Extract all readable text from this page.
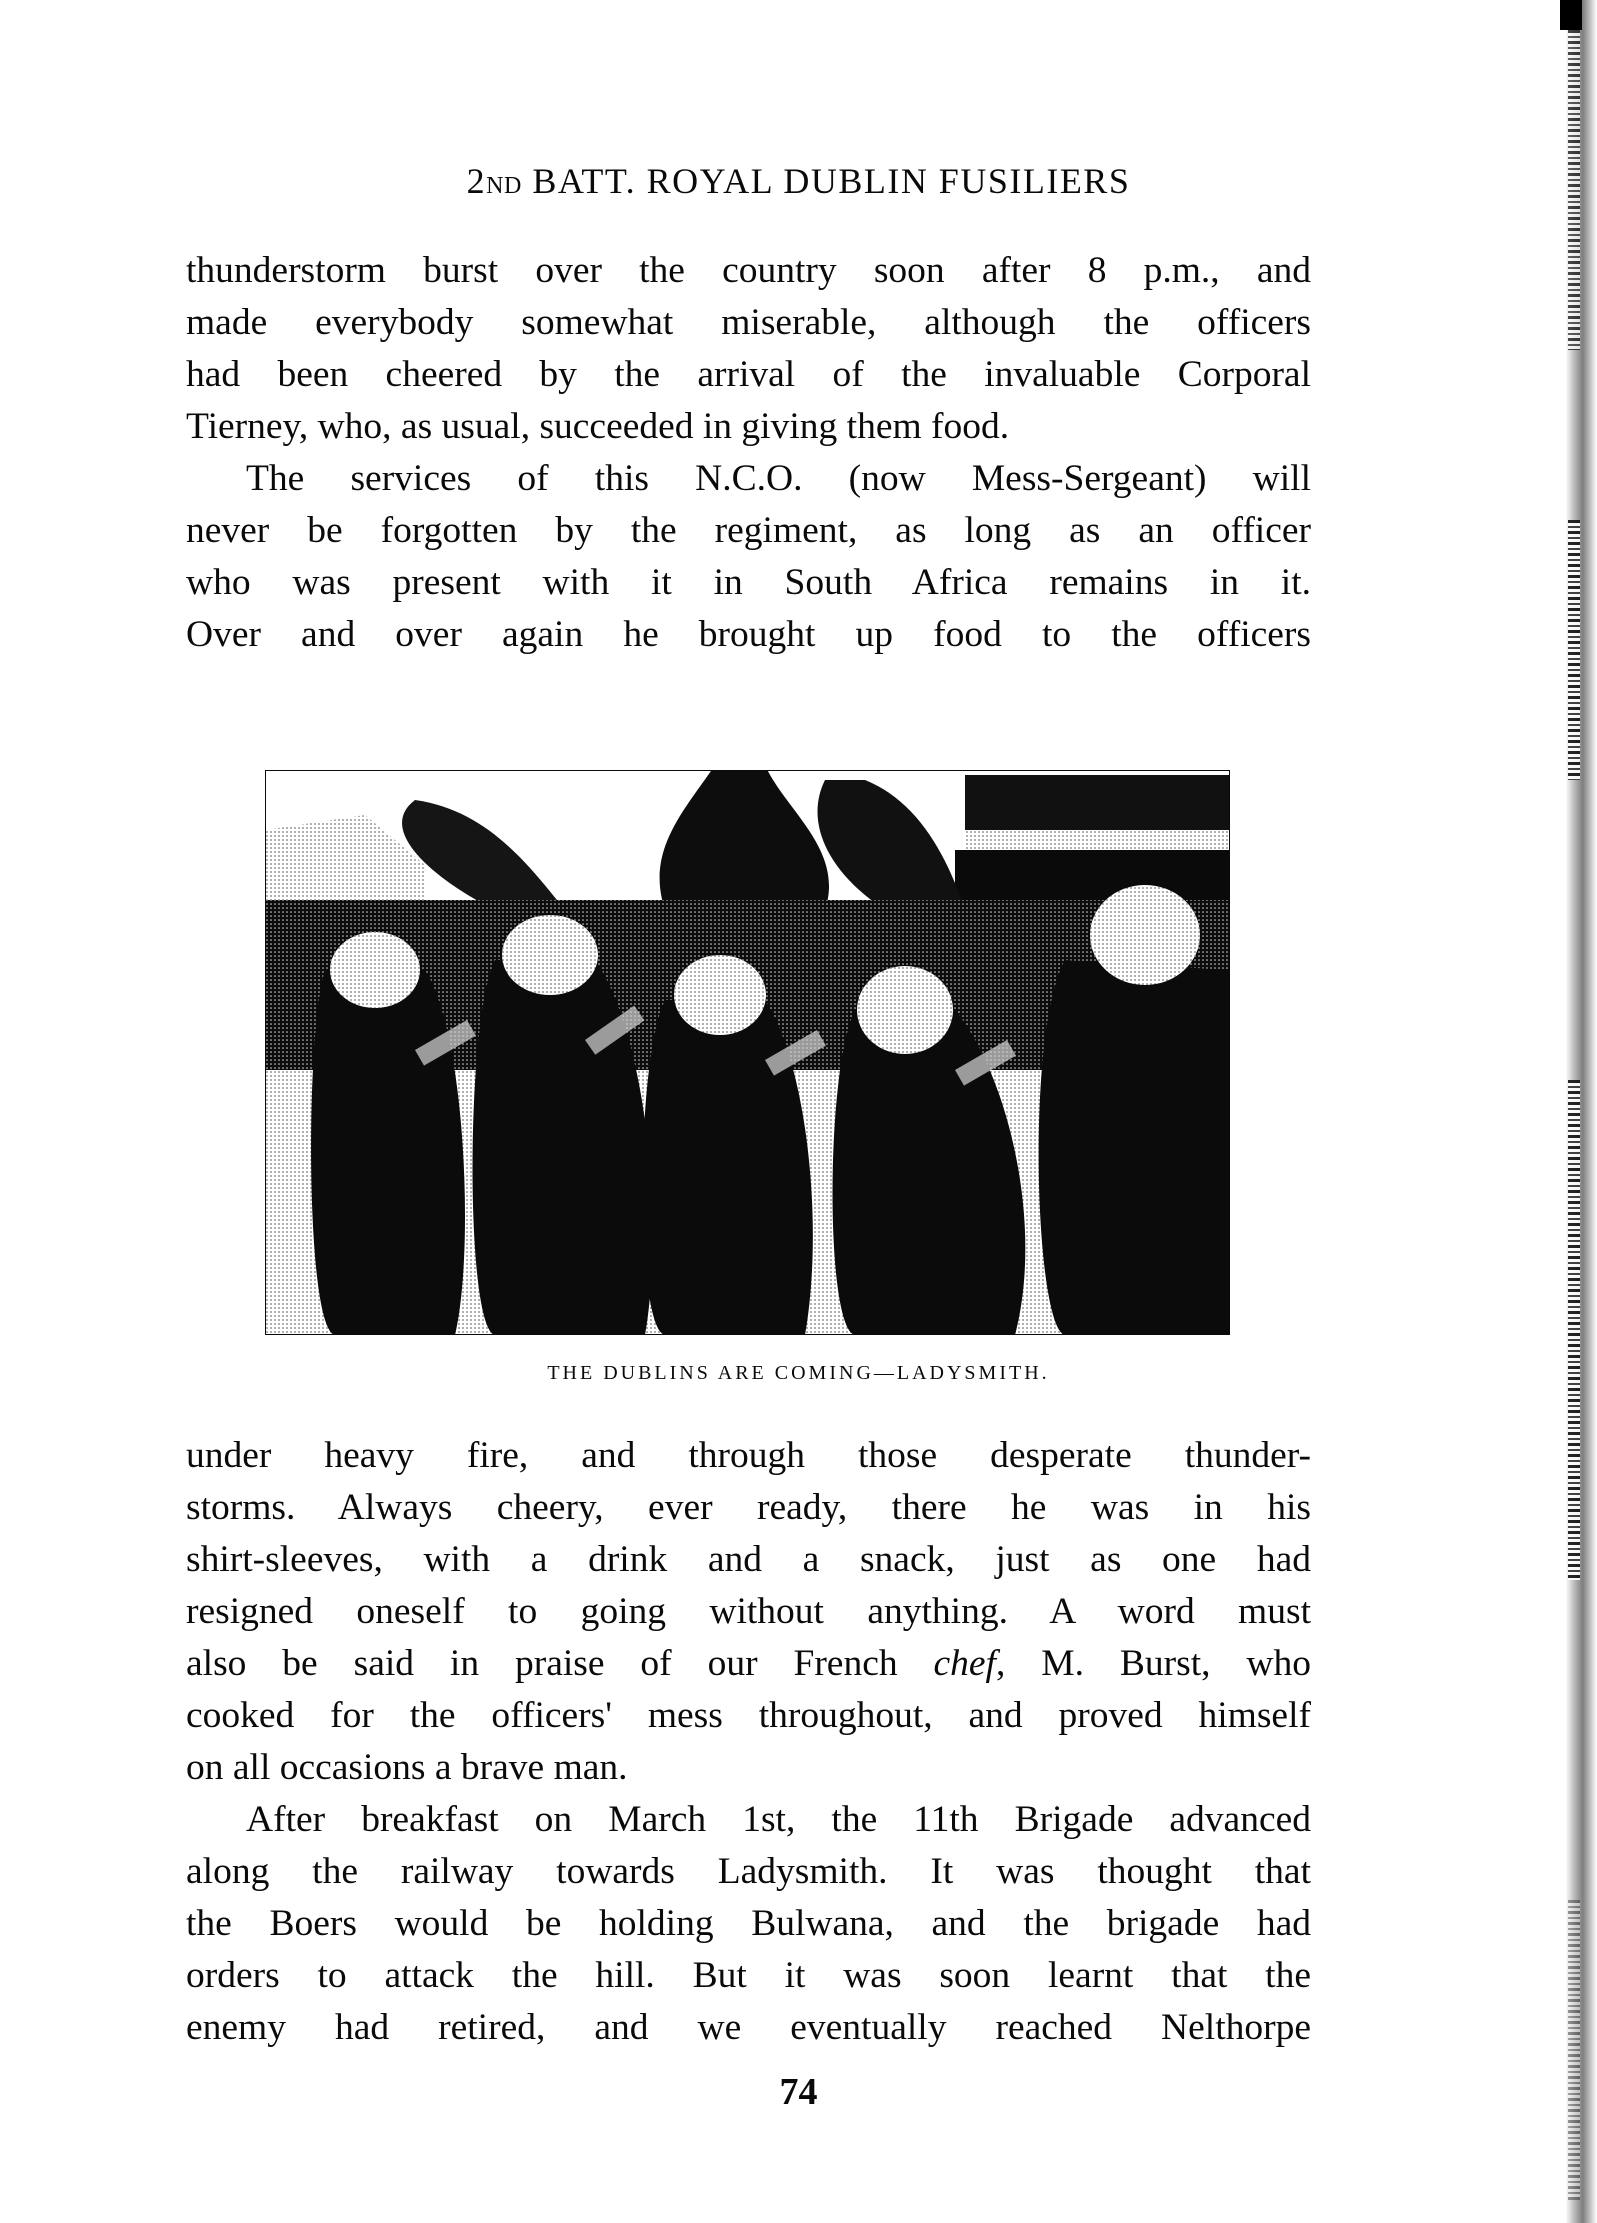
2ND BATT. ROYAL DUBLIN FUSILIERS

thunderstorm burst over the country soon after 8 p.m., and
made everybody somewhat miserable, although the officers
had been cheered by the arrival of the invaluable Corporal
Tierney, who, as usual, succeeded in giving them food.

The services of this N.C.O. (now Mess-Sergeant) will
never be forgotten by the regiment, as long as an officer
who was present with it in South Africa remains in it.
Over and over again he brought up food to the officers

THE DUBLINS ARE COMING—LADYSMITH.

under heavy fire, and through those desperate thunder-
storms. Always cheery, ever ready, there he was in his
shirt-sleeves, with a drink and a snack, just as one had
resigned oneself to going without anything. A word must
also be said in praise of our French chef, M. Burst, who
cooked for the officers' mess throughout, and proved himself
on all occasions a brave man.

After breakfast on March 1st, the 11th Brigade advanced
along the railway towards Ladysmith. It was thought that
the Boers would be holding Bulwana, and the brigade had
orders to attack the hill. But it was soon learnt that the
enemy had retired, and we eventually reached Nelthorpe

74
